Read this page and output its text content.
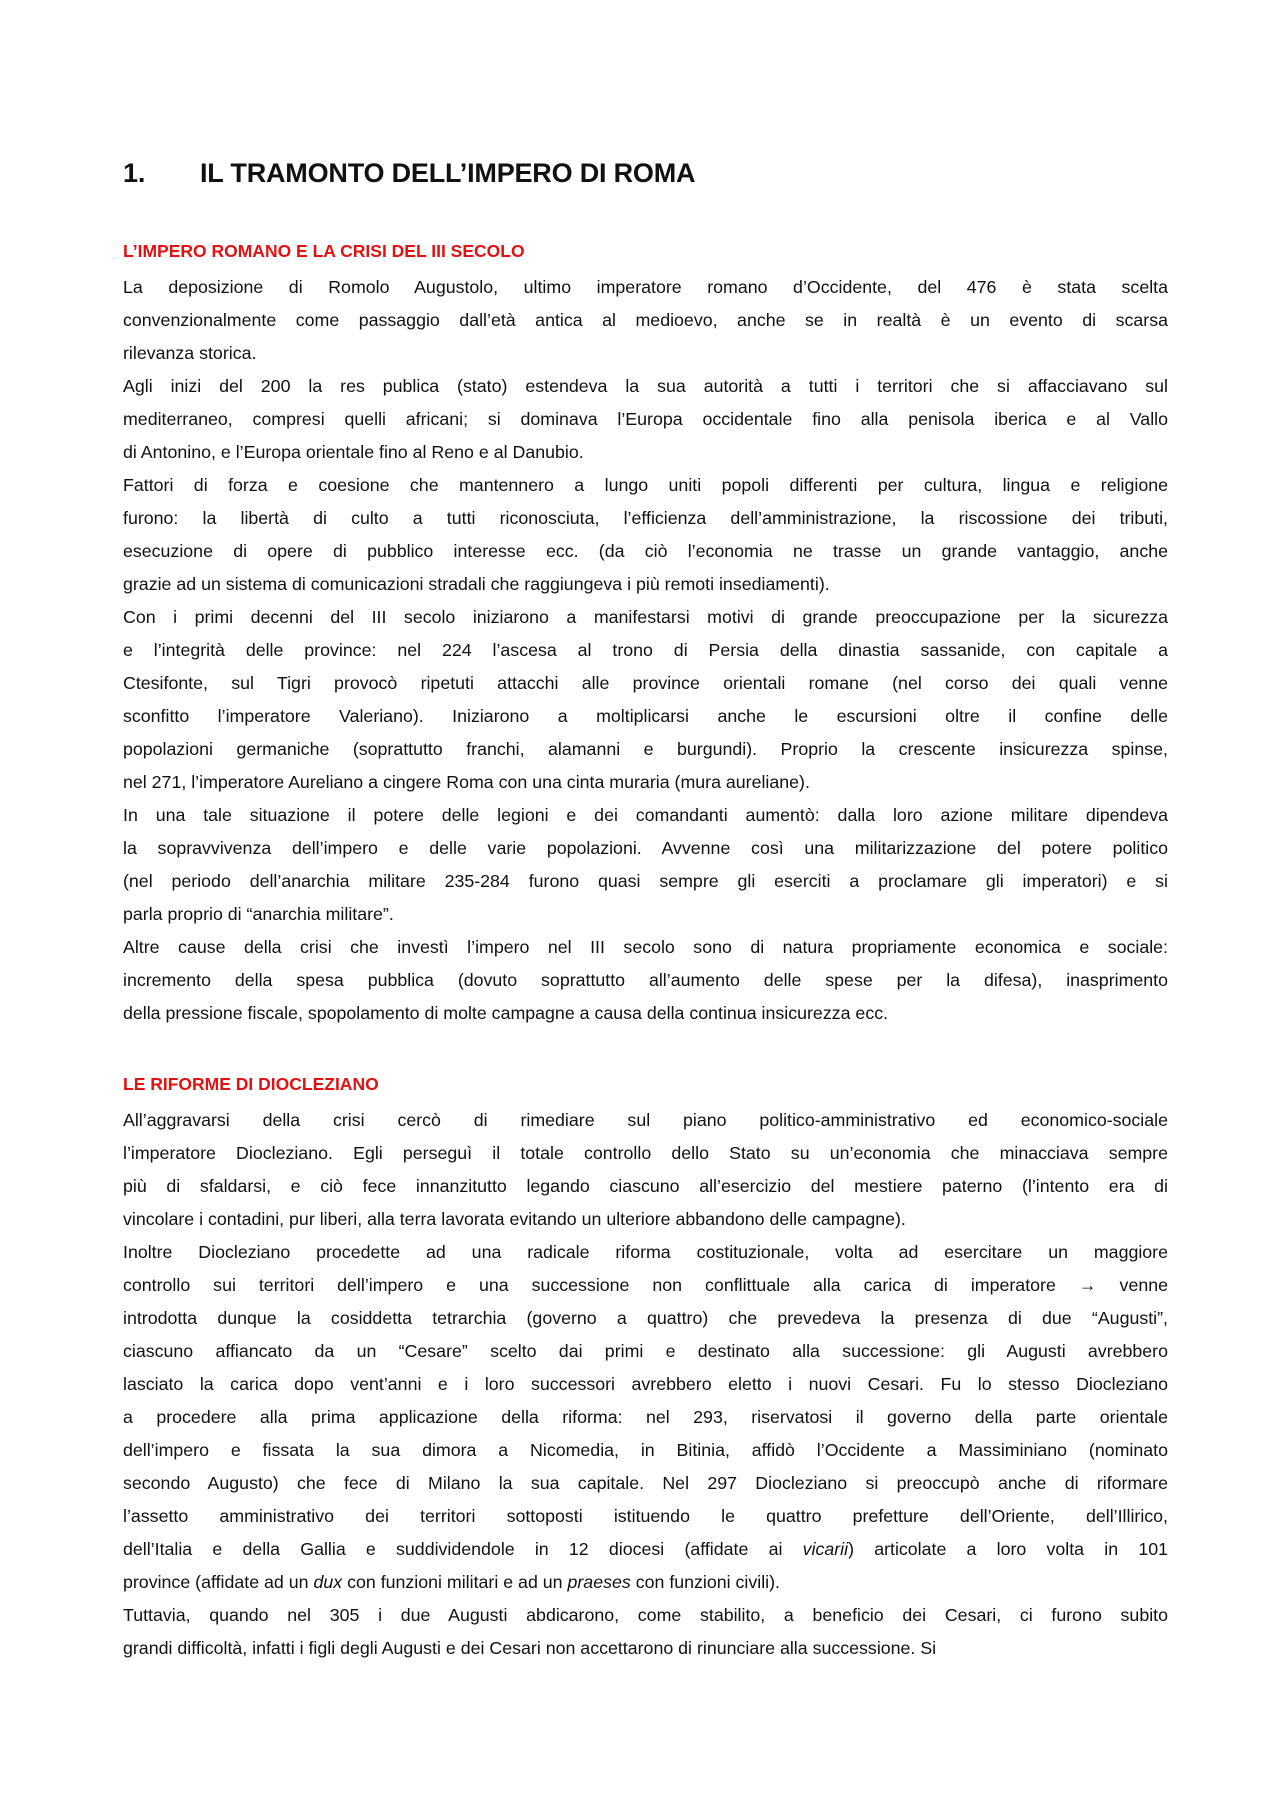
1. IL TRAMONTO DELL’IMPERO DI ROMA
L’IMPERO ROMANO E LA CRISI DEL III SECOLO

La deposizione di Romolo Augustolo, ultimo imperatore romano d’Occidente, del 476 è stata scelta
convenzionalmente come passaggio dall’età antica al medioevo, anche se in realtà è un evento di scarsa
rilevanza storica.

Agli inizi del 200 la res publica (stato) estendeva la sua autorità a tutti i territori che si affacciavano sul
mediterraneo, compresi quelli africani; si dominava l’Europa occidentale fino alla penisola iberica e al Vallo
di Antonino, e l’Europa orientale fino al Reno e al Danubio.

Fattori di forza e coesione che mantennero a lungo uniti popoli differenti per cultura, lingua e religione
furono: la libertà di culto a tutti riconosciuta, l’efficienza dell’amministrazione, la riscossione dei tributi,
esecuzione di opere di pubblico interesse ecc. (da ciò l’economia ne trasse un grande vantaggio, anche
grazie ad un sistema di comunicazioni stradali che raggiungeva i più remoti insediamenti).

Con i primi decenni del III secolo iniziarono a manifestarsi motivi di grande preoccupazione per la sicurezza
e l’integrità delle province: nel 224 l’ascesa al trono di Persia della dinastia sassanide, con capitale a
Ctesifonte, sul Tigri provocò ripetuti attacchi alle province orientali romane (nel corso dei quali venne
sconfitto l’imperatore Valeriano). Iniziarono a moltiplicarsi anche le escursioni oltre il confine delle
popolazioni germaniche (soprattutto franchi, alamanni e burgundi). Proprio la crescente insicurezza spinse,
nel 271, l’imperatore Aureliano a cingere Roma con una cinta muraria (mura aureliane).

In una tale situazione il potere delle legioni e dei comandanti aumentò: dalla loro azione militare dipendeva
la sopravvivenza dell’impero e delle varie popolazioni. Avvenne così una militarizzazione del potere politico
(nel periodo dell’anarchia militare 235-284 furono quasi sempre gli eserciti a proclamare gli imperatori) e si
parla proprio di “anarchia militare”.

Altre cause della crisi che investì l’impero nel III secolo sono di natura propriamente economica e sociale:
incremento della spesa pubblica (dovuto soprattutto all’aumento delle spese per la difesa), inasprimento
della pressione fiscale, spopolamento di molte campagne a causa della continua insicurezza ecc.

LE RIFORME DI DIOCLEZIANO

All’aggravarsi della crisi cercò di rimediare sul piano politico-amministrativo ed economico-sociale
l’imperatore Diocleziano. Egli perseguì il totale controllo dello Stato su un’economia che minacciava sempre
più di sfaldarsi, e ciò fece innanzitutto legando ciascuno all’esercizio del mestiere paterno (l’intento era di
vincolare i contadini, pur liberi, alla terra lavorata evitando un ulteriore abbandono delle campagne).

Inoltre Diocleziano procedette ad una radicale riforma costituzionale, volta ad esercitare un maggiore
controllo sui territori dell’impero e una successione non conflittuale alla carica di imperatore → venne
introdotta dunque la cosiddetta tetrarchia (governo a quattro) che prevedeva la presenza di due “Augusti”,
ciascuno affiancato da un “Cesare” scelto dai primi e destinato alla successione: gli Augusti avrebbero
lasciato la carica dopo vent’anni e i loro successori avrebbero eletto i nuovi Cesari. Fu lo stesso Diocleziano
a procedere alla prima applicazione della riforma: nel 293, riservatosi il governo della parte orientale
dell’impero e fissata la sua dimora a Nicomedia, in Bitinia, affidò l’Occidente a Massiminiano (nominato
secondo Augusto) che fece di Milano la sua capitale. Nel 297 Diocleziano si preoccupò anche di riformare
l’assetto amministrativo dei territori sottoposti istituendo le quattro prefetture dell’Oriente, dell’Illirico,
dell’Italia e della Gallia e suddividendole in 12 diocesi (affidate ai vicarii) articolate a loro volta in 101
province (affidate ad un dux con funzioni militari e ad un praeses con funzioni civili).

Tuttavia, quando nel 305 i due Augusti abdicarono, come stabilito, a beneficio dei Cesari, ci furono subito
grandi difficoltà, infatti i figli degli Augusti e dei Cesari non accettarono di rinunciare alla successione. Si
